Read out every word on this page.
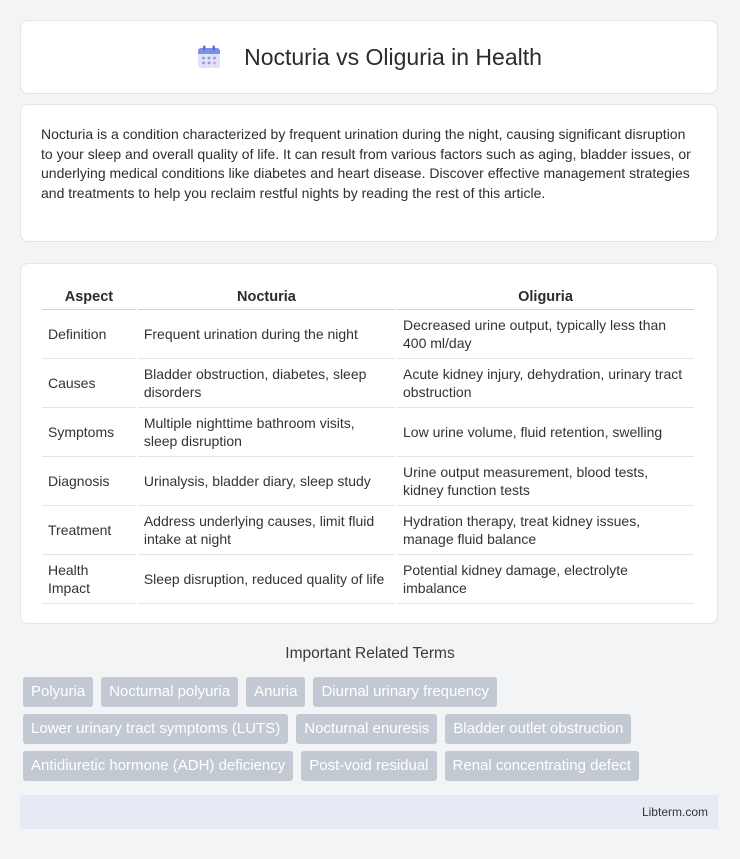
Nocturia vs Oliguria in Health

Nocturia is a condition characterized by frequent urination during the night, causing significant disruption to your sleep and overall quality of life. It can result from various factors such as aging, bladder issues, or underlying medical conditions like diabetes and heart disease. Discover effective management strategies and treatments to help you reclaim restful nights by reading the rest of this article.

Aspect	Nocturia	Oliguria
Definition	Frequent urination during the night	Decreased urine output, typically less than 400 ml/day
Causes	Bladder obstruction, diabetes, sleep disorders	Acute kidney injury, dehydration, urinary tract obstruction
Symptoms	Multiple nighttime bathroom visits, sleep disruption	Low urine volume, fluid retention, swelling
Diagnosis	Urinalysis, bladder diary, sleep study	Urine output measurement, blood tests, kidney function tests
Treatment	Address underlying causes, limit fluid intake at night	Hydration therapy, treat kidney issues, manage fluid balance
Health Impact	Sleep disruption, reduced quality of life	Potential kidney damage, electrolyte imbalance
Important Related Terms
Polyuria	Nocturnal polyuria	Anuria	Diurnal urinary frequency
Lower urinary tract symptoms (LUTS)	Nocturnal enuresis	Bladder outlet obstruction
Antidiuretic hormone (ADH) deficiency	Post-void residual	Renal concentrating defect
Libterm.com
